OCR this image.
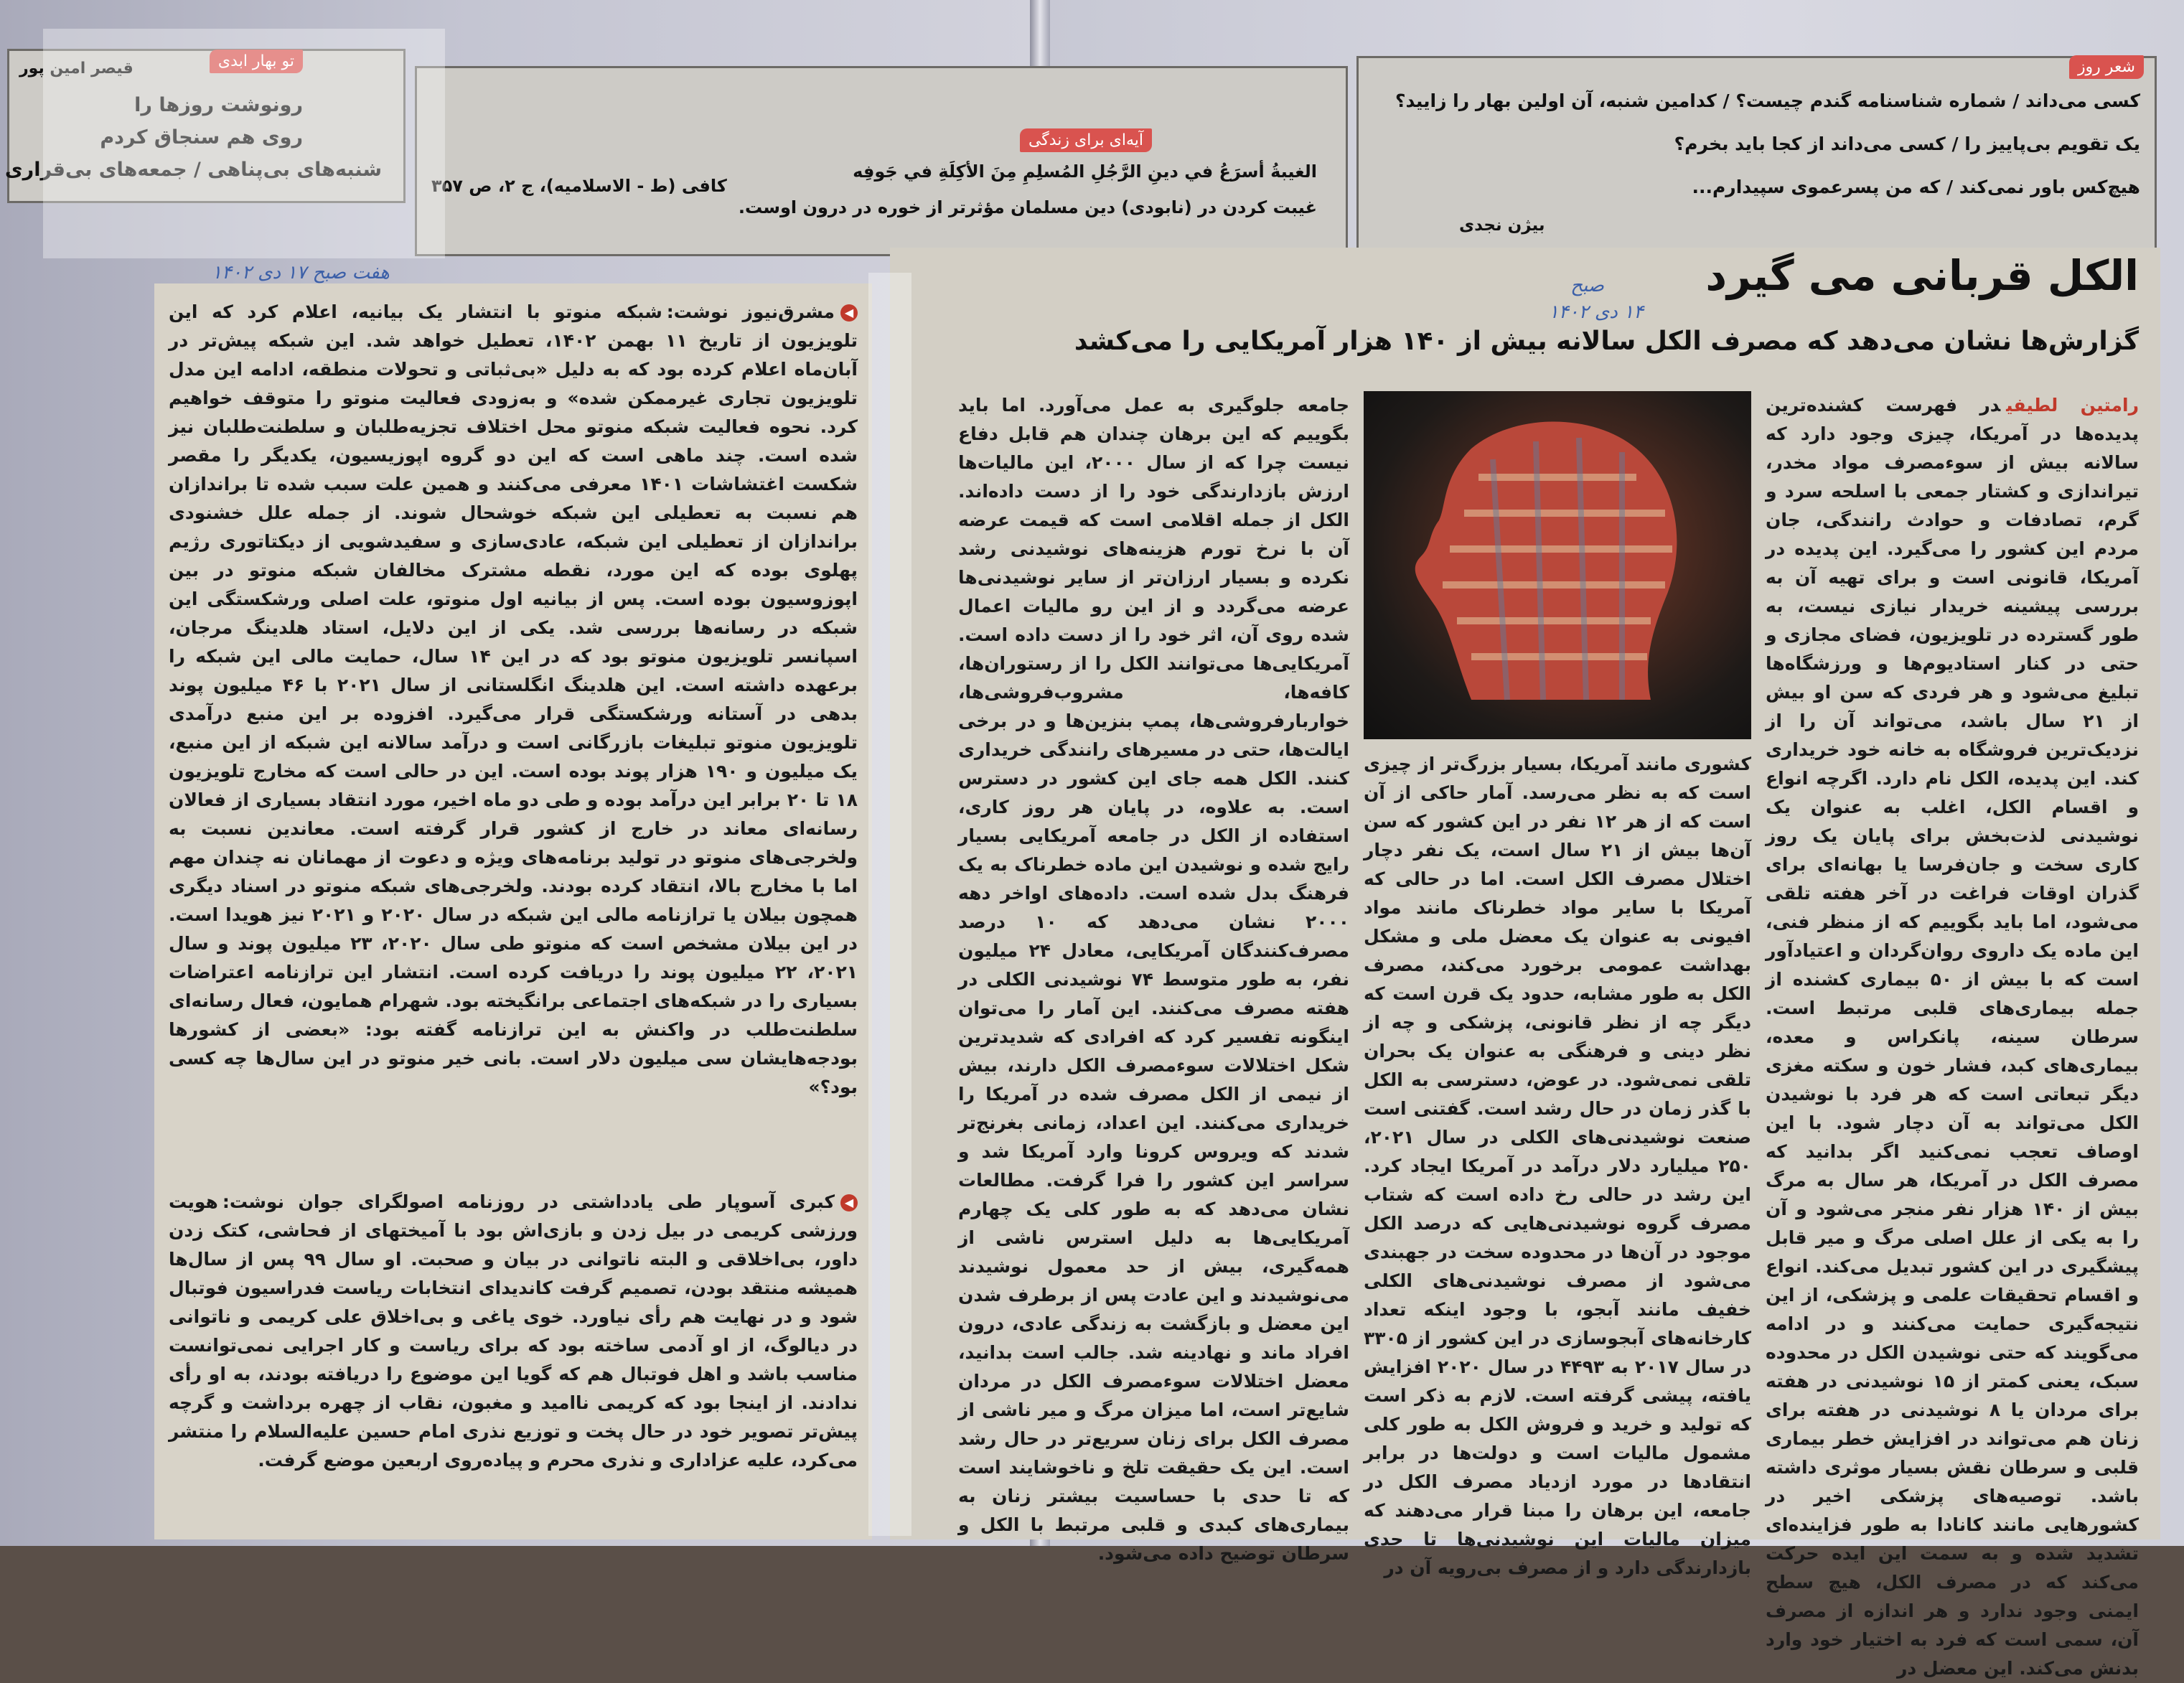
تو بهار ابدی
قیصر امین پور
رونوشت روزها را
روی هم سنجاق کردم
شنبه‌های بی‌پناهی / جمعه‌های بی‌قراری
آیه‌ای برای زندگی
الغيبةُ أسرَعُ في دينِ الرَّجُلِ المُسلِمِ مِنَ الأكِلَةِ في جَوفِه
غیبت کردن در (نابودی) دین مسلمان مؤثرتر از خوره در درون اوست.
کافی (ط - الاسلامیه)، ج ۲، ص ۳۵۷
شعر روز
کسی می‌داند / شماره شناسنامه گندم چیست؟ / کدامین شنبه، آن اولین بهار را زایید؟
یک تقویم بی‌پاییز را / کسی می‌داند از کجا باید بخرم؟
هیچ‌کس باور نمی‌کند / که من پسرعموی سپیدارم...
بیژن نجدی
الکل قربانی می گیرد
صبح
۱۴ دی ۱۴۰۲
گزارش‌ها نشان می‌دهد که مصرف الکل سالانه بیش از ۱۴۰ هزار آمریکایی را می‌کشد
رامتین لطیفیدر فهرست کشنده‌ترین پدیده‌ها در آمریکا، چیزی وجود دارد که سالانه بیش از سوءمصرف مواد مخدر، تیراندازی و کشتار جمعی با اسلحه سرد و گرم، تصادفات و حوادث رانندگی، جان مردم این کشور را می‌گیرد. این پدیده در آمریکا، قانونی است و برای تهیه آن به بررسی پیشینه خریدار نیازی نیست، به طور گسترده در تلویزیون، فضای مجازی و حتی در کنار استادیوم‌ها و ورزشگاه‌ها تبلیغ می‌شود و هر فردی که سن او بیش از ۲۱ سال باشد، می‌تواند آن را از نزدیک‌ترین فروشگاه به خانه خود خریداری کند. این پدیده، الکل نام دارد. اگرچه انواع و اقسام الکل، اغلب به عنوان یک نوشیدنی لذت‌بخش برای پایان یک روز کاری سخت و جان‌فرسا یا بهانه‌ای برای گذران اوقات فراغت در آخر هفته تلقی می‌شود، اما باید بگوییم که از منظر فنی، این ماده یک داروی روان‌گردان و اعتیادآور است که با بیش از ۵۰ بیماری کشنده از جمله بیماری‌های قلبی مرتبط است. سرطان سینه، پانکراس و معده، بیماری‌های کبد، فشار خون و سکته مغزی دیگر تبعاتی است که هر فرد با نوشیدن الکل می‌تواند به آن دچار شود. با این اوصاف تعجب نمی‌کنید اگر بدانید که مصرف الکل در آمریکا، هر سال به مرگ بیش از ۱۴۰ هزار نفر منجر می‌شود و آن را به یکی از علل اصلی مرگ و میر قابل پیشگیری در این کشور تبدیل می‌کند. انواع و اقسام تحقیقات علمی و پزشکی، از این نتیجه‌گیری حمایت می‌کنند و در ادامه می‌گویند که حتی نوشیدن الکل در محدوده سبک، یعنی کمتر از ۱۵ نوشیدنی در هفته برای مردان یا ۸ نوشیدنی در هفته برای زنان هم می‌تواند در افزایش خطر بیماری قلبی و سرطان نقش بسیار موثری داشته باشد. توصیه‌های پزشکی اخیر در کشورهایی مانند کانادا به طور فزاینده‌ای تشدید شده و به سمت این ایده حرکت می‌کند که در مصرف الکل، هیچ سطح ایمنی وجود ندارد و هر اندازه از مصرف آن، سمی است که فرد به اختیار خود وارد بدنش می‌کند. این معضل در
کشوری مانند آمریکا، بسیار بزرگ‌تر از چیزی است که به نظر می‌رسد. آمار حاکی از آن است که از هر ۱۲ نفر در این کشور که سن آن‌ها بیش از ۲۱ سال است، یک نفر دچار اختلال مصرف الکل است. اما در حالی که آمریکا با سایر مواد خطرناک مانند مواد افیونی به عنوان یک معضل ملی و مشکل بهداشت عمومی برخورد می‌کند، مصرف الکل به طور مشابه، حدود یک قرن است که دیگر چه از نظر قانونی، پزشکی و چه از نظر دینی و فرهنگی به عنوان یک بحران تلقی نمی‌شود. در عوض، دسترسی به الکل با گذر زمان در حال رشد است. گفتنی است صنعت نوشیدنی‌های الکلی در سال ۲۰۲۱، ۲۵۰ میلیارد دلار درآمد در آمریکا ایجاد کرد. این رشد در حالی رخ داده است که شتاب مصرف گروه نوشیدنی‌هایی که درصد الکل موجود در آن‌ها در محدوده سخت در جهبندی می‌شود از مصرف نوشیدنی‌های الکلی خفیف مانند آبجو، با وجود اینکه تعداد کارخانه‌های آبجوسازی در این کشور از ۳۳۰۵ در سال ۲۰۱۷ به ۴۴۹۳ در سال ۲۰۲۰ افزایش یافته، پیشی گرفته است. لازم به ذکر است که تولید و خرید و فروش الکل به طور کلی مشمول مالیات است و دولت‌ها در برابر انتقادها در مورد ازدیاد مصرف الکل در جامعه، این برهان را مبنا قرار می‌دهند که میزان مالیات این نوشیدنی‌ها تا حدی بازدارندگی دارد و از مصرف بی‌رویه آن در
جامعه جلوگیری به عمل می‌آورد. اما باید بگوییم که این برهان چندان هم قابل دفاع نیست چرا که از سال ۲۰۰۰، این مالیات‌ها ارزش بازدارندگی خود را از دست داده‌اند. الکل از جمله اقلامی است که قیمت عرضه آن با نرخ تورم هزینه‌های نوشیدنی رشد نکرده و بسیار ارزان‌تر از سایر نوشیدنی‌ها عرضه می‌گردد و از این رو مالیات اعمال شده روی آن، اثر خود را از دست داده است. آمریکایی‌ها می‌توانند الکل را از رستوران‌ها، کافه‌ها، مشروب‌فروشی‌ها، خواربارفروشی‌ها، پمپ بنزین‌ها و در برخی ایالت‌ها، حتی در مسیرهای رانندگی خریداری کنند. الکل همه جای این کشور در دسترس است. به علاوه، در پایان هر روز کاری، استفاده از الکل در جامعه آمریکایی بسیار رایج شده و نوشیدن این ماده خطرناک به یک فرهنگ بدل شده است. داده‌های اواخر دهه ۲۰۰۰ نشان می‌دهد که ۱۰ درصد مصرف‌کنندگان آمریکایی، معادل ۲۴ میلیون نفر، به طور متوسط ۷۴ نوشیدنی الکلی در هفته مصرف می‌کنند. این آمار را می‌توان اینگونه تفسیر کرد که افرادی که شدیدترین شکل اختلالات سوءمصرف الکل دارند، بیش از نیمی از الکل مصرف شده در آمریکا را خریداری می‌کنند. این اعداد، زمانی بغرنج‌تر شدند که ویروس کرونا وارد آمریکا شد و سراسر این کشور را فرا گرفت. مطالعات نشان می‌دهد که به طور کلی یک چهارم آمریکایی‌ها به دلیل استرس ناشی از همه‌گیری، بیش از حد معمول نوشیدند می‌نوشیدند و این عادت پس از برطرف شدن این معضل و بازگشت به زندگی عادی، درون افراد ماند و نهادینه شد. جالب است بدانید، معضل اختلالات سوءمصرف الکل در مردان شایع‌تر است، اما میزان مرگ و میر ناشی از مصرف الکل برای زنان سریع‌تر در حال رشد است. این یک حقیقت تلخ و ناخوشایند است که تا حدی با حساسیت بیشتر زنان به بیماری‌های کبدی و قلبی مرتبط با الکل و سرطان توضیح داده می‌شود.
هفت صبح ۱۷ دی ۱۴۰۲
◀مشرق‌نیوز نوشت:شبکه منوتو با انتشار یک بیانیه، اعلام کرد که این تلویزیون از تاریخ ۱۱ بهمن ۱۴۰۲، تعطیل خواهد شد. این شبکه پیش‌تر در آبان‌ماه اعلام کرده بود که به دلیل «بی‌ثباتی و تحولات منطقه، ادامه این مدل تلویزیون تجاری غیرممکن شده» و به‌زودی فعالیت منوتو را متوقف خواهیم کرد. نحوه فعالیت شبکه منوتو محل اختلاف تجزیه‌طلبان و سلطنت‌طلبان نیز شده است. چند ماهی است که این دو گروه اپوزیسیون، یکدیگر را مقصر شکست اغتشاشات ۱۴۰۱ معرفی می‌کنند و همین علت سبب شده تا براندازان هم نسبت به تعطیلی این شبکه خوشحال شوند. از جمله علل خشنودی براندازان از تعطیلی این شبکه، عادی‌سازی و سفیدشویی از دیکتاتوری رژیم پهلوی بوده که این مورد، نقطه مشترک مخالفان شبکه منوتو در بین اپوزوسیون بوده است. پس از بیانیه اول منوتو، علت اصلی ورشکستگی این شبکه در رسانه‌ها بررسی شد. یکی از این دلایل، استاد هلدینگ مرجان، اسپانسر تلویزیون منوتو بود که در این ۱۴ سال، حمایت مالی این شبکه را برعهده داشته است. این هلدینگ انگلستانی از سال ۲۰۲۱ با ۴۶ میلیون پوند بدهی در آستانه ورشکستگی قرار می‌گیرد. افزوده بر این منبع درآمدی تلویزیون منوتو تبلیغات بازرگانی است و درآمد سالانه این شبکه از این منبع، یک میلیون و ۱۹۰ هزار پوند بوده است. این در حالی است که مخارج تلویزیون ۱۸ تا ۲۰ برابر این درآمد بوده و طی دو ماه اخیر، مورد انتقاد بسیاری از فعالان رسانه‌ای معاند در خارج از کشور قرار گرفته است. معاندین نسبت به ولخرجی‌های منوتو در تولید برنامه‌های ویژه و دعوت از مهمانان نه چندان مهم اما با مخارج بالا، انتقاد کرده بودند. ولخرجی‌های شبکه منوتو در اسناد دیگری همچون بیلان یا ترازنامه مالی این شبکه در سال ۲۰۲۰ و ۲۰۲۱ نیز هویدا است. در این بیلان مشخص است که منوتو طی سال ۲۰۲۰، ۲۳ میلیون پوند و سال ۲۰۲۱، ۲۲ میلیون پوند را دریافت کرده است. انتشار این ترازنامه اعتراضات بسیاری را در شبکه‌های اجتماعی برانگیخته بود. شهرام همایون، فعال رسانه‌ای سلطنت‌طلب در واکنش به این ترازنامه گفته بود: «بعضی از کشورها بودجه‌هایشان سی میلیون دلار است. بانی خیر منوتو در این سال‌ها چه کسی بود؟»
◀کبری آسوپار طی یادداشتی در روزنامه اصولگرای جوان نوشت:هویت ورزشی کریمی در بیل زدن و بازی‌اش بود با آمیختهای از فحاشی، کتک زدن داور، بی‌اخلاقی و البته ناتوانی در بیان و صحبت. او سال ۹۹ پس از سال‌ها همیشه منتقد بودن، تصمیم گرفت کاندیدای انتخابات ریاست فدراسیون فوتبال شود و در نهایت هم رأی نیاورد. خوی یاغی و بی‌اخلاق علی کریمی و ناتوانی در دیالوگ، از او آدمی ساخته بود که برای ریاست و کار اجرایی نمی‌توانست مناسب باشد و اهل فوتبال هم که گویا این موضوع را دریافته بودند، به او رأی ندادند. از اینجا بود که کریمی ناامید و مغبون، نقاب از چهره برداشت و گرچه پیش‌تر تصویر خود در حال پخت و توزیع نذری امام حسین علیه‌السلام را منتشر می‌کرد، علیه عزاداری و نذری محرم و پیاده‌روی اربعین موضع گرفت.
